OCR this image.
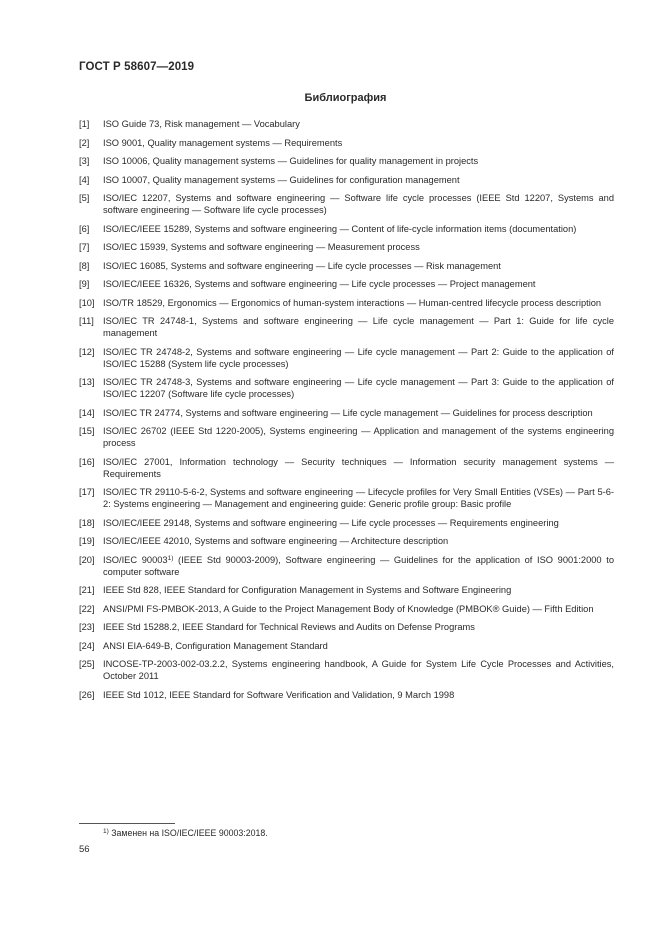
ГОСТ Р 58607—2019
Библиография
[1]	ISO Guide 73, Risk management — Vocabulary
[2]	ISO 9001, Quality management systems — Requirements
[3]	ISO 10006, Quality management systems — Guidelines for quality management in projects
[4]	ISO 10007, Quality management systems — Guidelines for configuration management
[5]	ISO/IEC 12207, Systems and software engineering — Software life cycle processes (IEEE Std 12207, Systems and software engineering — Software life cycle processes)
[6]	ISO/IEC/IEEE 15289, Systems and software engineering — Content of life-cycle information items (documentation)
[7]	ISO/IEC 15939, Systems and software engineering — Measurement process
[8]	ISO/IEC 16085, Systems and software engineering — Life cycle processes — Risk management
[9]	ISO/IEC/IEEE 16326, Systems and software engineering — Life cycle processes — Project management
[10] ISO/TR 18529, Ergonomics — Ergonomics of human-system interactions — Human-centred lifecycle process description
[11] ISO/IEC TR 24748-1, Systems and software engineering — Life cycle management — Part 1: Guide for life cycle management
[12] ISO/IEC TR 24748-2, Systems and software engineering — Life cycle management — Part 2: Guide to the application of ISO/IEC 15288 (System life cycle processes)
[13] ISO/IEC TR 24748-3, Systems and software engineering — Life cycle management — Part 3: Guide to the application of ISO/IEC 12207 (Software life cycle processes)
[14] ISO/IEC TR 24774, Systems and software engineering — Life cycle management — Guidelines for process description
[15] ISO/IEC 26702 (IEEE Std 1220-2005), Systems engineering — Application and management of the systems engineering process
[16] ISO/IEC 27001, Information technology — Security techniques — Information security management systems — Requirements
[17] ISO/IEC TR 29110-5-6-2, Systems and software engineering — Lifecycle profiles for Very Small Entities (VSEs) — Part 5-6-2: Systems engineering — Management and engineering guide: Generic profile group: Basic profile
[18] ISO/IEC/IEEE 29148, Systems and software engineering — Life cycle processes — Requirements engineering
[19] ISO/IEC/IEEE 42010, Systems and software engineering — Architecture description
[20] ISO/IEC 90003$^{1)}$ (IEEE Std 90003-2009), Software engineering — Guidelines for the application of ISO 9001:2000 to computer software
[21] IEEE Std 828, IEEE Standard for Configuration Management in Systems and Software Engineering
[22] ANSI/PMI FS-PMBOK-2013, A Guide to the Project Management Body of Knowledge (PMBOK® Guide) — Fifth Edition
[23] IEEE Std 15288.2, IEEE Standard for Technical Reviews and Audits on Defense Programs
[24] ANSI EIA-649-B, Configuration Management Standard
[25] INCOSE-TP-2003-002-03.2.2, Systems engineering handbook, A Guide for System Life Cycle Processes and Activities, October 2011
[26] IEEE Std 1012, IEEE Standard for Software Verification and Validation, 9 March 1998
$^{1)}$ Заменен на ISO/IEC/IEEE 90003:2018.
56
